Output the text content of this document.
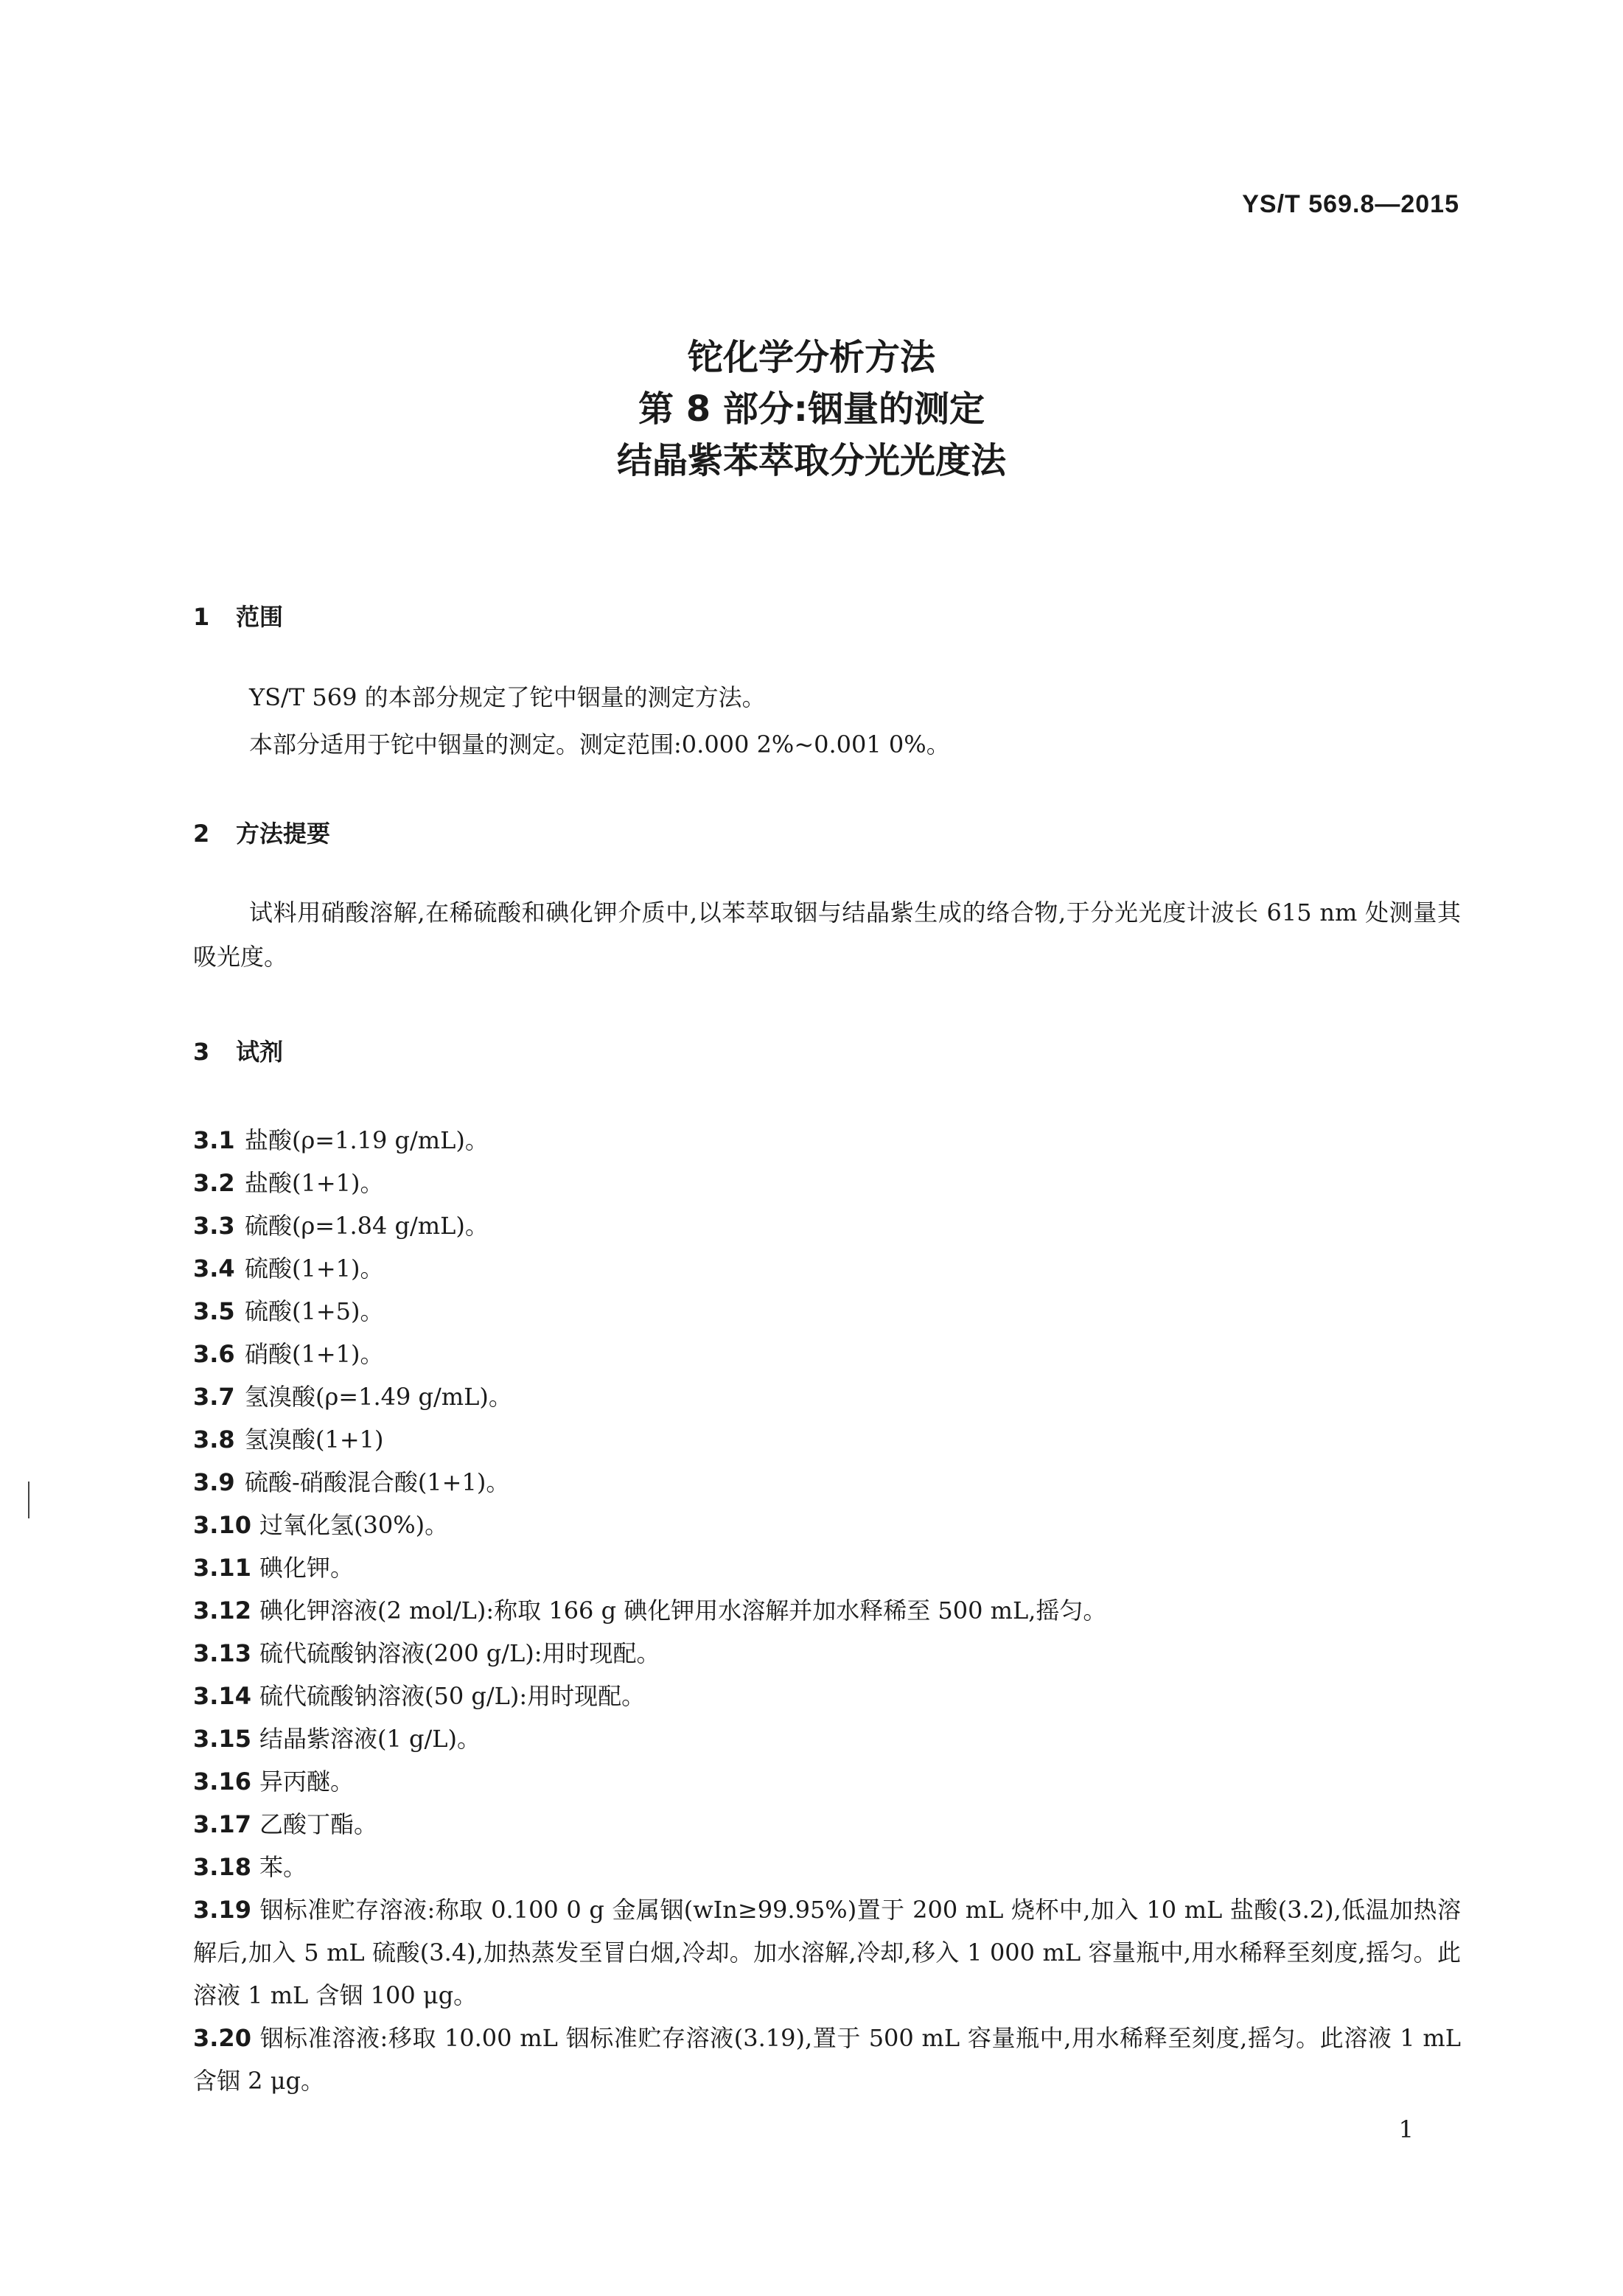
YS/T 569.8—2015
铊化学分析方法
第 8 部分:铟量的测定
结晶紫苯萃取分光光度法
1 范围
YS/T 569 的本部分规定了铊中铟量的测定方法。
本部分适用于铊中铟量的测定。测定范围:0.000 2%~0.001 0%。
2 方法提要
试料用硝酸溶解,在稀硫酸和碘化钾介质中,以苯萃取铟与结晶紫生成的络合物,于分光光度计波长 615 nm 处测量其吸光度。
3 试剂
3.1 盐酸(ρ=1.19 g/mL)。
3.2 盐酸(1+1)。
3.3 硫酸(ρ=1.84 g/mL)。
3.4 硫酸(1+1)。
3.5 硫酸(1+5)。
3.6 硝酸(1+1)。
3.7 氢溴酸(ρ=1.49 g/mL)。
3.8 氢溴酸(1+1)
3.9 硫酸-硝酸混合酸(1+1)。
3.10 过氧化氢(30%)。
3.11 碘化钾。
3.12 碘化钾溶液(2 mol/L):称取 166 g 碘化钾用水溶解并加水释稀至 500 mL,摇匀。
3.13 硫代硫酸钠溶液(200 g/L):用时现配。
3.14 硫代硫酸钠溶液(50 g/L):用时现配。
3.15 结晶紫溶液(1 g/L)。
3.16 异丙醚。
3.17 乙酸丁酯。
3.18 苯。
3.19 铟标准贮存溶液:称取 0.100 0 g 金属铟(wIn≥99.95%)置于 200 mL 烧杯中,加入 10 mL 盐酸(3.2),低温加热溶解后,加入 5 mL 硫酸(3.4),加热蒸发至冒白烟,冷却。加水溶解,冷却,移入 1 000 mL 容量瓶中,用水稀释至刻度,摇匀。此溶液 1 mL 含铟 100 μg。
3.20 铟标准溶液:移取 10.00 mL 铟标准贮存溶液(3.19),置于 500 mL 容量瓶中,用水稀释至刻度,摇匀。此溶液 1 mL 含铟 2 μg。
1
